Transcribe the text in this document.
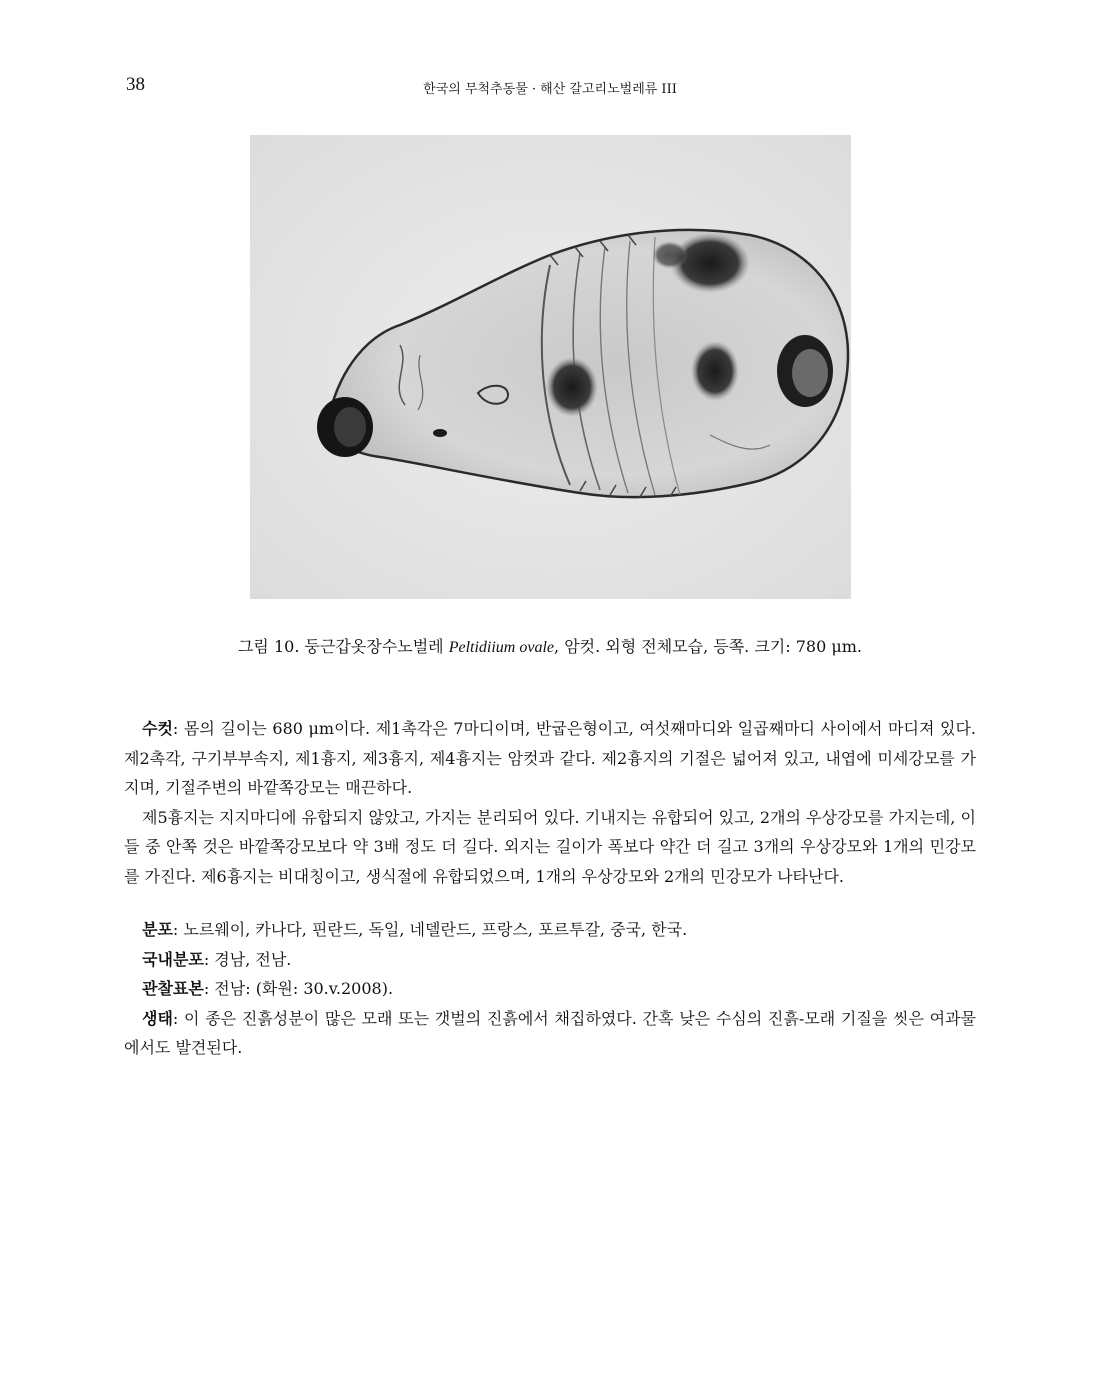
38	한국의 무척추동물 · 해산 갈고리노벌레류 III
그림 10. 둥근갑옷장수노벌레 Peltidiium ovale, 암컷. 외형 전체모습, 등쪽. 크기: 780 μm.

수컷: 몸의 길이는 680 μm이다. 제1촉각은 7마디이며, 반굽은형이고, 여섯째마디와 일곱째마디 사이에서 마디져 있다. 제2촉각, 구기부부속지, 제1흉지, 제3흉지, 제4흉지는 암컷과 같다. 제2흉지의 기절은 넓어져 있고, 내엽에 미세강모를 가지며, 기절주변의 바깥쪽강모는 매끈하다.

제5흉지는 지지마디에 유합되지 않았고, 가지는 분리되어 있다. 기내지는 유합되어 있고, 2개의 우상강모를 가지는데, 이들 중 안쪽 것은 바깥쪽강모보다 약 3배 정도 더 길다. 외지는 길이가 폭보다 약간 더 길고 3개의 우상강모와 1개의 민강모를 가진다. 제6흉지는 비대칭이고, 생식절에 유합되었으며, 1개의 우상강모와 2개의 민강모가 나타난다.

분포: 노르웨이, 카나다, 핀란드, 독일, 네델란드, 프랑스, 포르투갈, 중국, 한국.

국내분포: 경남, 전남.

관찰표본: 전남: (화원: 30.v.2008).

생태: 이 종은 진흙성분이 많은 모래 또는 갯벌의 진흙에서 채집하였다. 간혹 낮은 수심의 진흙-모래 기질을 씻은 여과물에서도 발견된다.
